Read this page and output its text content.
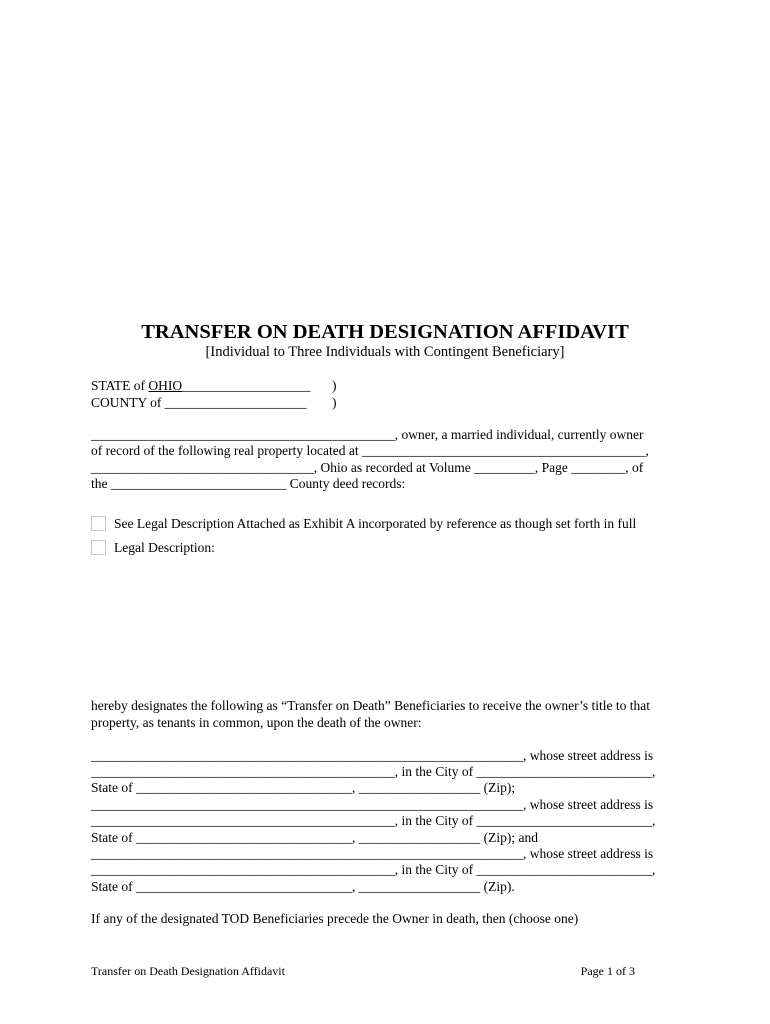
TRANSFER ON DEATH DESIGNATION AFFIDAVIT
[Individual to Three Individuals with Contingent Beneficiary]
STATE of OHIO___________________ )
COUNTY of _____________________ )
_____________________________________________, owner, a married individual, currently owner
of record of the following real property located at __________________________________________,
_________________________________, Ohio as recorded at Volume _________, Page ________, of
the __________________________ County deed records:
See Legal Description Attached as Exhibit A incorporated by reference as though set forth in full
Legal Description:
hereby designates the following as “Transfer on Death” Beneficiaries to receive the owner’s title to that
property, as tenants in common, upon the death of the owner:
________________________________________________________________, whose street address is
_____________________________________________, in the City of __________________________,
State of ________________________________, __________________ (Zip);
________________________________________________________________, whose street address is
_____________________________________________, in the City of __________________________,
State of ________________________________, __________________ (Zip); and
________________________________________________________________, whose street address is
_____________________________________________, in the City of __________________________,
State of ________________________________, __________________ (Zip).
If any of the designated TOD Beneficiaries precede the Owner in death, then (choose one)
Transfer on Death Designation Affidavit	Page 1 of 3
